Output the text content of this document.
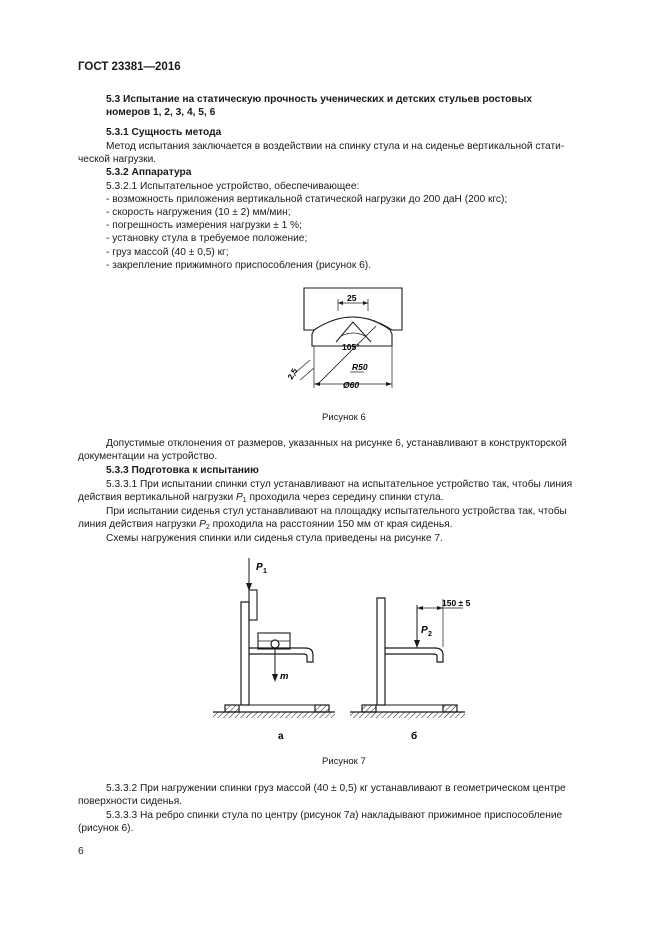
ГОСТ 23381—2016
5.3 Испытание на статическую прочность ученических и детских стульев ростовых
номеров 1, 2, 3, 4, 5, 6
5.3.1 Сущность метода
Метод испытания заключается в воздействии на спинку стула и на сиденье вертикальной стати-
ческой нагрузки.
5.3.2 Аппаратура
5.3.2.1 Испытательное устройство, обеспечивающее:
- возможность приложения вертикальной статической нагрузки до 200 даН (200 кгс);
- скорость нагружения (10 ± 2) мм/мин;
- погрешность измерения нагрузки ± 1 %;
- установку стула в требуемое положение;
- груз массой (40 ± 0,5) кг;
- закрепление прижимного приспособления (рисунок 6).
25
105°
R50
Ø60
2,5
Рисунок 6
Допустимые отклонения от размеров, указанных на рисунке 6, устанавливают в конструкторской
документации на устройство.
5.3.3 Подготовка к испытанию
5.3.3.1 При испытании спинки стул устанавливают на испытательное устройство так, чтобы линия
действия вертикальной нагрузки $P_1$ проходила через середину спинки стула.
При испытании сиденья стул устанавливают на площадку испытательного устройства так, чтобы
линия действия нагрузки $P_2$ проходила на расстоянии 150 мм от края сиденья.
Схемы нагружения спинки или сиденья стула приведены на рисунке 7.
P 1
m
P 2
150 ± 5
а	б
Рисунок 7
5.3.3.2 При нагружении спинки груз массой (40 ± 0,5) кг устанавливают в геометрическом центре
поверхности сиденья.
5.3.3.3 На ребро спинки стула по центру (рисунок 7а) накладывают прижимное приспособление
(рисунок 6).
6
